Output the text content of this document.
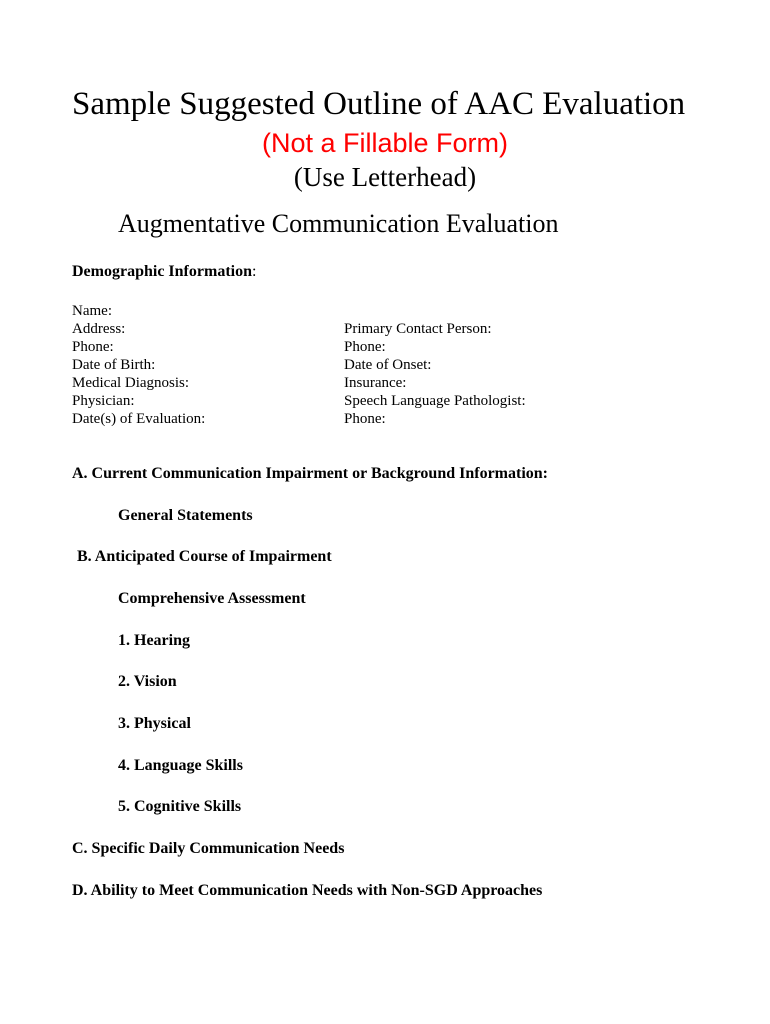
Sample Suggested Outline of AAC Evaluation
(Not a Fillable Form)
(Use Letterhead)
Augmentative Communication Evaluation
Demographic Information:
Name:
Address:
Phone:
Date of Birth:
Medical Diagnosis:
Physician:
Date(s) of Evaluation:
Primary Contact Person:
Phone:
Date of Onset:
Insurance:
Speech Language Pathologist:
Phone:
A. Current Communication Impairment or Background Information:
General Statements
B. Anticipated Course of Impairment
Comprehensive Assessment
1. Hearing
2. Vision
3. Physical
4. Language Skills
5. Cognitive Skills
C. Specific Daily Communication Needs
D. Ability to Meet Communication Needs with Non-SGD Approaches
